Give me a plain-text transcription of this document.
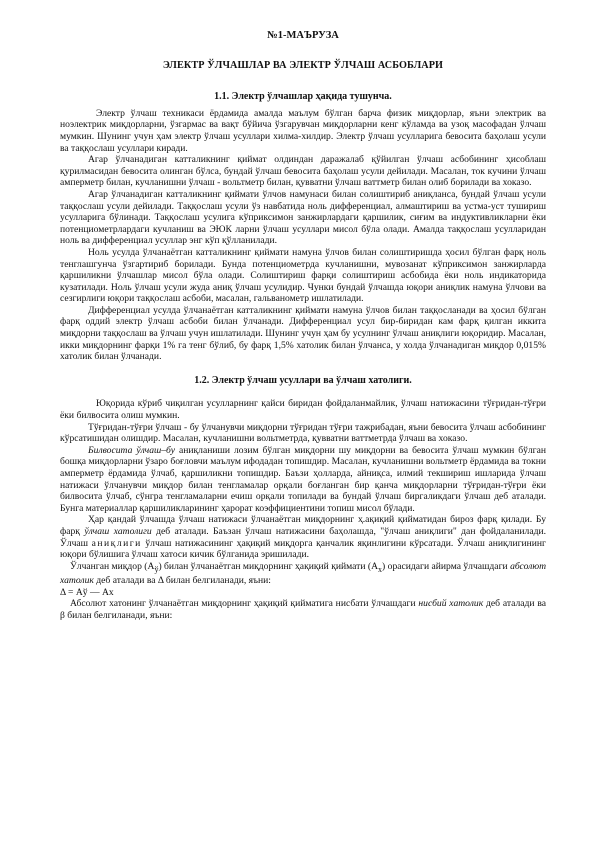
№1-МАЪРУЗА
ЭЛЕКТР ЎЛЧАШЛАР ВА ЭЛЕКТР ЎЛЧАШ АСБОБЛАРИ
1.1. Электр ўлчашлар ҳақида тушунча.

Электр ўлчаш техникаси ёрдамида амалда маълум бўлган барча физик миқдорлар, яъни электрик ва ноэлектрик миқдорларни, ўзгармас ва вақт бўйича ўзгарувчан миқдорларни кенг кўламда ва узоқ масофадан ўлчаш мумкин. Шунинг учун ҳам электр ўлчаш усуллари хилма-хилдир. Электр ўлчаш усулларига бевосита баҳолаш усули ва таққослаш усуллари киради.

Агар ўлчанадиган катталикнинг қиймат олдиндан даражалаб қўйилган ўлчаш асбобининг ҳисоблаш қурилмасидан бевосита олинган бўлса, бундай ўлчаш бевосита баҳолаш усули дейилади. Масалан, ток кучини ўлчаш амперметр билан, кучланишни ўлчаш - вольтметр билан, қувватни ўлчаш ваттметр билан олиб борилади ва хоказо.

Агар ўлчанадиган катталикнинг қиймати ўлчов намунаси билан солиштириб аниқланса, бундай ўлчаш усули таққослаш усули дейилади. Таққослаш усули ўз навбатида ноль дифференциал, алмаштириш ва устма-уст тушириш усулларига бўлинади. Таққослаш усулига кўприксимон занжирлардаги қаршилик, сиғим ва индуктивликларни ёки потенциометрлардаги кучланиш ва ЭЮК ларни ўлчаш усуллари мисол бўла олади. Амалда таққослаш усулларидан ноль ва дифференциал усуллар энг кўп қўлланилади.

Ноль усулда ўлчанаётган катталикнинг қиймати намуна ўлчов билан солиштиришда ҳосил бўлган фарқ ноль тенглашгунча ўзгартириб борилади. Бунда потенциометрда кучланишни, мувозанат кўприксимон занжирларда қаршиликни ўлчашлар мисол бўла олади. Солиштириш фарқи солиштириш асбобида ёки ноль индикаторида кузатилади. Ноль ўлчаш усули жуда аниқ ўлчаш усулидир. Чунки бундай ўлчашда юқори аниқлик намуна ўлчови ва сезгирлиги юқори таққослаш асбоби, масалан, гальванометр ишлатилади.

Дифференциал усулда ўлчанаётган катталикнинг қиймати намуна ўлчов билан таққосланади ва ҳосил бўлган фарқ оддий электр ўлчаш асбоби билан ўлчанади. Дифференциал усул бир-биридан кам фарқ қилган иккита миқдорни таққослаш ва ўлчаш учун ишлатилади. Шунинг учун ҳам бу усулнинг ўлчаш аниқлиги юқоридир. Масалан, икки миқдорнинг фарқи 1% га тенг бўлиб, бу фарқ 1,5% хатолик билан ўлчанса, у холда ўлчанадиган миқдор 0,015% хатолик билан ўлчанади.

1.2. Электр ўлчаш усуллари ва ўлчаш хатолиги.

Юқорида кўриб чиқилган усулларнинг қайси биридан фойдаланмайлик, ўлчаш натижасини тўғридан-тўғри ёки билвосита олиш мумкин.

Тўғридан-тўғри ўлчаш - бу ўлчанувчи миқдорни тўғридан тўғри тажрибадан, яъни бевосита ўлчаш асбобининг кўрсатишидан олишдир. Масалан, кучланишни вольтметрда, қувватни ваттметрда ўлчаш ва хоказо.

Билвосита ўлчаш–бу аниқланиши лозим бўлган миқдорни шу миқдорни ва бевосита ўлчаш мумкин бўлган бошқа миқдорларни ўзаро боғловчи маълум ифодадан топишдир. Масалан, кучланишни вольтметр ёрдамида ва токни амперметр ёрдамида ўлчаб, қаршиликни топишдир. Баъзи ҳолларда, айниқса, илмий текшириш ишларида ўлчаш натижаси ўлчанувчи миқдор билан тенгламалар орқали боғланган бир қанча миқдорларни тўғридан-тўғри ёки билвосита ўлчаб, сўнгра тенгламаларни ечиш орқали топилади ва бундай ўлчаш биргаликдаги ўлчаш деб аталади. Бунга материаллар қаршиликларининг ҳарорат коэффициентини топиш мисол бўлади.

Ҳар қандай ўлчашда ўлчаш натижаси ўлчанаётган миқдорнинг ҳ.ақиқий қийматидан бироз фарқ қилади. Бу фарқ ўлчаш хатолиги деб аталади. Баъзан ўлчаш натижасини баҳолашда, "ўлчаш аниқлиги" дан фойдаланилади. Ўлчаш аниқлиги ўлчаш натижасининг ҳақиқий миқдорга қанчалик яқинлигини кўрсатади. Ўлчаш аниқлигининг юқори бўлишига ўлчаш хатоси кичик бўлганида эришилади.

Ўлчанган миқдор $(A_ў)$ билан ўлчанаётган миқдорнинг ҳақиқий қиймати $(A_х)$ орасидаги айирма ўлчашдаги абсолют хатолик деб аталади ва Δ билан белгиланади, яъни:

Δ = Aў — Aх

Абсолют хатонинг ўлчанаётган миқдорнинг ҳақиқий қийматига нисбати ўлчашдаги нисбий хатолик деб аталади ва β билан белгиланади, яъни:
